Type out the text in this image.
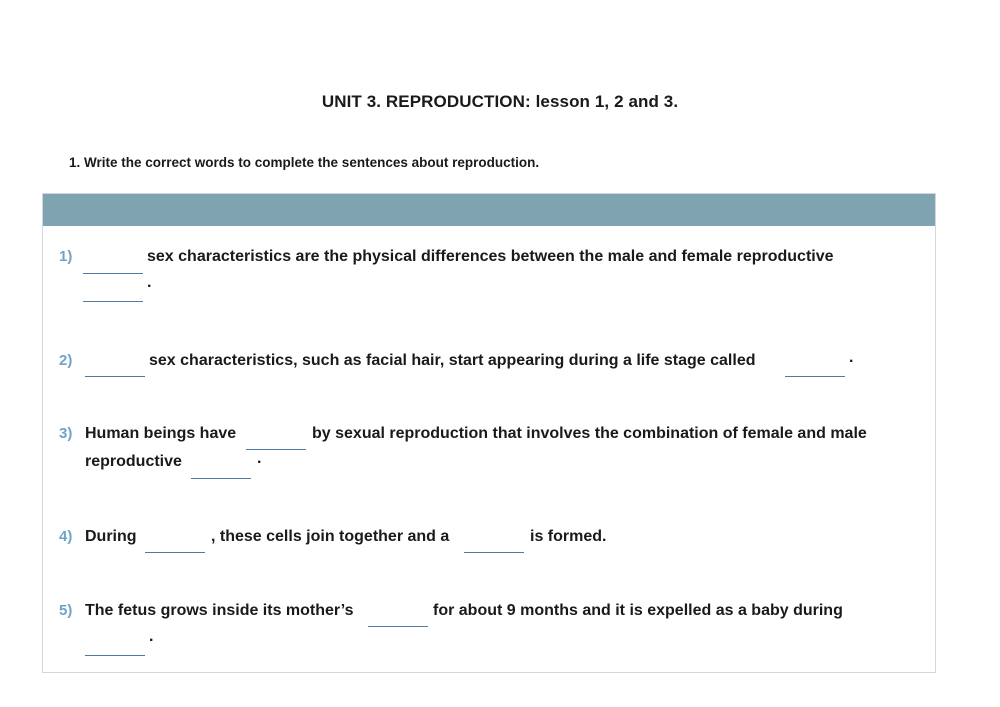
UNIT 3. REPRODUCTION: lesson 1, 2 and 3.
1. Write the correct words to complete the sentences about reproduction.
1)	sex characteristics are the physical differences between the male and female reproductive
.
2)	sex characteristics, such as facial hair, start appearing during a life stage called	.
3) Human beings have	by sexual reproduction that involves the combination of female and male
reproductive	.
4) During	, these cells join together and a	is formed.
5) The fetus grows inside its mother’s	for about 9 months and it is expelled as a baby during
.
